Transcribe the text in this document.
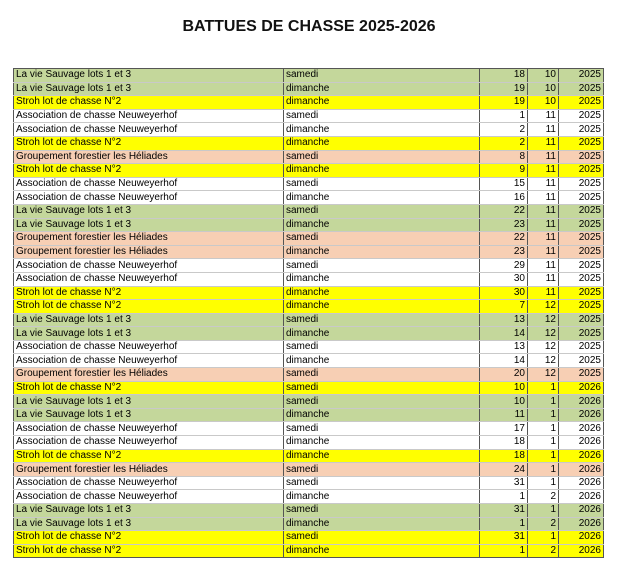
BATTUES DE CHASSE 2025-2026
La vie Sauvage lots 1 et 3	samedi	18	10	2025
La vie Sauvage lots 1 et 3	dimanche	19	10	2025
Stroh lot de chasse N°2	dimanche	19	10	2025
Association de chasse Neuweyerhof	samedi	1	11	2025
Association de chasse Neuweyerhof	dimanche	2	11	2025
Stroh lot de chasse N°2	dimanche	2	11	2025
Groupement forestier les Héliades	samedi	8	11	2025
Stroh lot de chasse N°2	dimanche	9	11	2025
Association de chasse Neuweyerhof	samedi	15	11	2025
Association de chasse Neuweyerhof	dimanche	16	11	2025
La vie Sauvage lots 1 et 3	samedi	22	11	2025
La vie Sauvage lots 1 et 3	dimanche	23	11	2025
Groupement forestier les Héliades	samedi	22	11	2025
Groupement forestier les Héliades	dimanche	23	11	2025
Association de chasse Neuweyerhof	samedi	29	11	2025
Association de chasse Neuweyerhof	dimanche	30	11	2025
Stroh lot de chasse N°2	dimanche	30	11	2025
Stroh lot de chasse N°2	dimanche	7	12	2025
La vie Sauvage lots 1 et 3	samedi	13	12	2025
La vie Sauvage lots 1 et 3	dimanche	14	12	2025
Association de chasse Neuweyerhof	samedi	13	12	2025
Association de chasse Neuweyerhof	dimanche	14	12	2025
Groupement forestier les Héliades	samedi	20	12	2025
Stroh lot de chasse N°2	samedi	10	1	2026
La vie Sauvage lots 1 et 3	samedi	10	1	2026
La vie Sauvage lots 1 et 3	dimanche	11	1	2026
Association de chasse Neuweyerhof	samedi	17	1	2026
Association de chasse Neuweyerhof	dimanche	18	1	2026
Stroh lot de chasse N°2	dimanche	18	1	2026
Groupement forestier les Héliades	samedi	24	1	2026
Association de chasse Neuweyerhof	samedi	31	1	2026
Association de chasse Neuweyerhof	dimanche	1	2	2026
La vie Sauvage lots 1 et 3	samedi	31	1	2026
La vie Sauvage lots 1 et 3	dimanche	1	2	2026
Stroh lot de chasse N°2	samedi	31	1	2026
Stroh lot de chasse N°2	dimanche	1	2	2026
